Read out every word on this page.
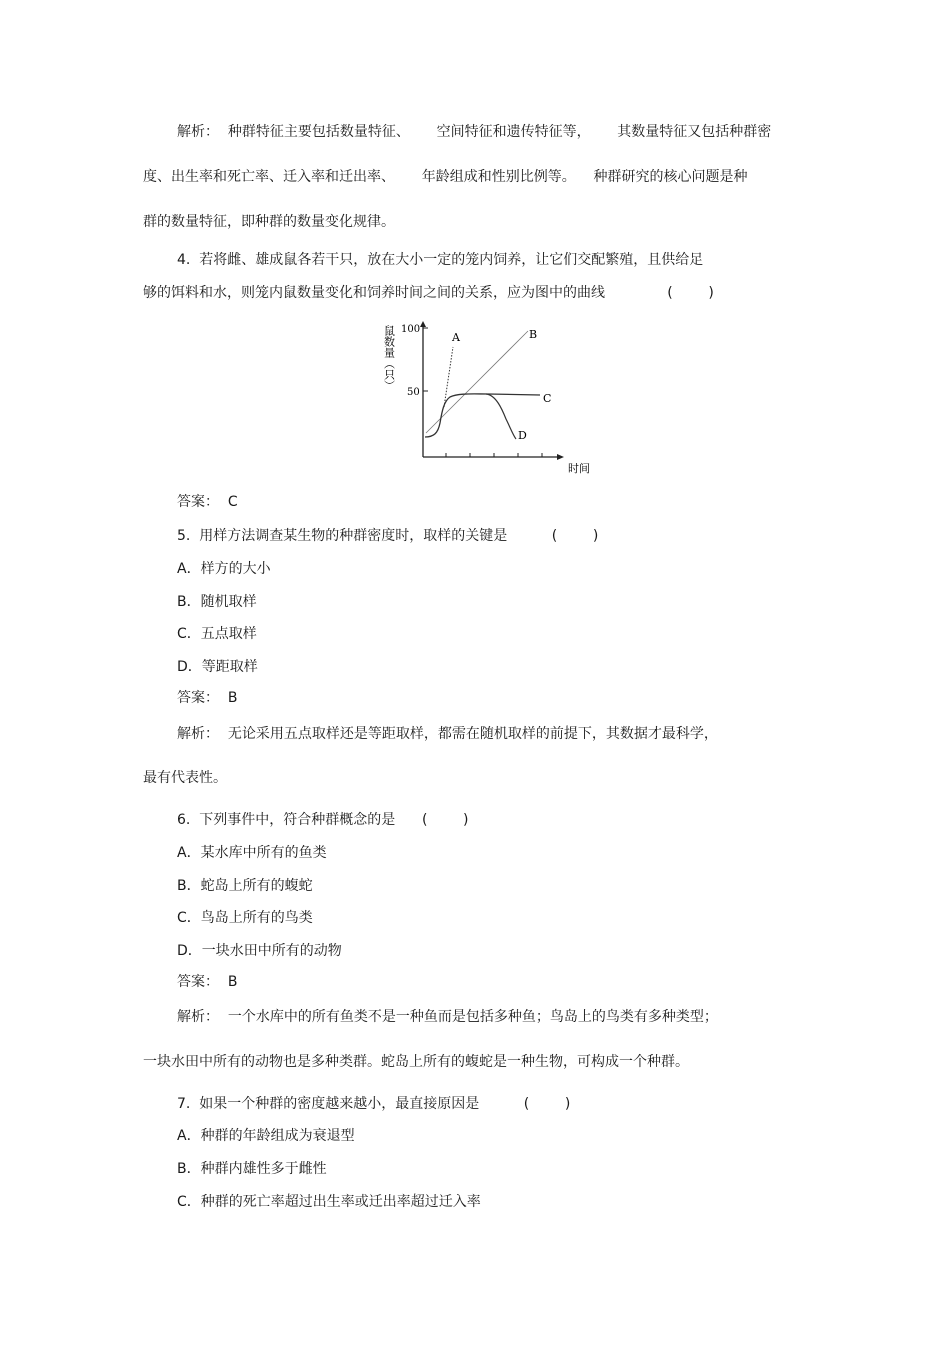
解析：  种群特征主要包括数量特征、      空间特征和遗传特征等，      其数量特征又包括种群密
度、出生率和死亡率、迁入率和迁出率、      年龄组成和性别比例等。    种群研究的核心问题是种
群的数量特征，即种群的数量变化规律。
4.  若将雌、雄成鼠各若干只，放在大小一定的笼内饲养，让它们交配繁殖，且供给足
够的饵料和水，则笼内鼠数量变化和饲养时间之间的关系，应为图中的曲线              (        )
答案：  C
5.  用样方法调查某生物的种群密度时，取样的关键是          (        )
A．样方的大小
B．随机取样
C．五点取样
D．等距取样
答案：  B
解析：  无论采用五点取样还是等距取样，都需在随机取样的前提下，其数据才最科学，
最有代表性。
6.  下列事件中，符合种群概念的是      (        )
A．某水库中所有的鱼类
B．蛇岛上所有的蝮蛇
C．鸟岛上所有的鸟类
D．一块水田中所有的动物
答案：  B
解析：  一个水库中的所有鱼类不是一种鱼而是包括多种鱼；鸟岛上的鸟类有多种类型；
一块水田中所有的动物也是多种类群。蛇岛上所有的蝮蛇是一种生物，可构成一个种群。
7.  如果一个种群的密度越来越小，最直接原因是          (        )
A．种群的年龄组成为衰退型
B．种群内雄性多于雌性
C．种群的死亡率超过出生率或迁出率超过迁入率
100
50
鼠数量（只）
时间
A	B
C
D
